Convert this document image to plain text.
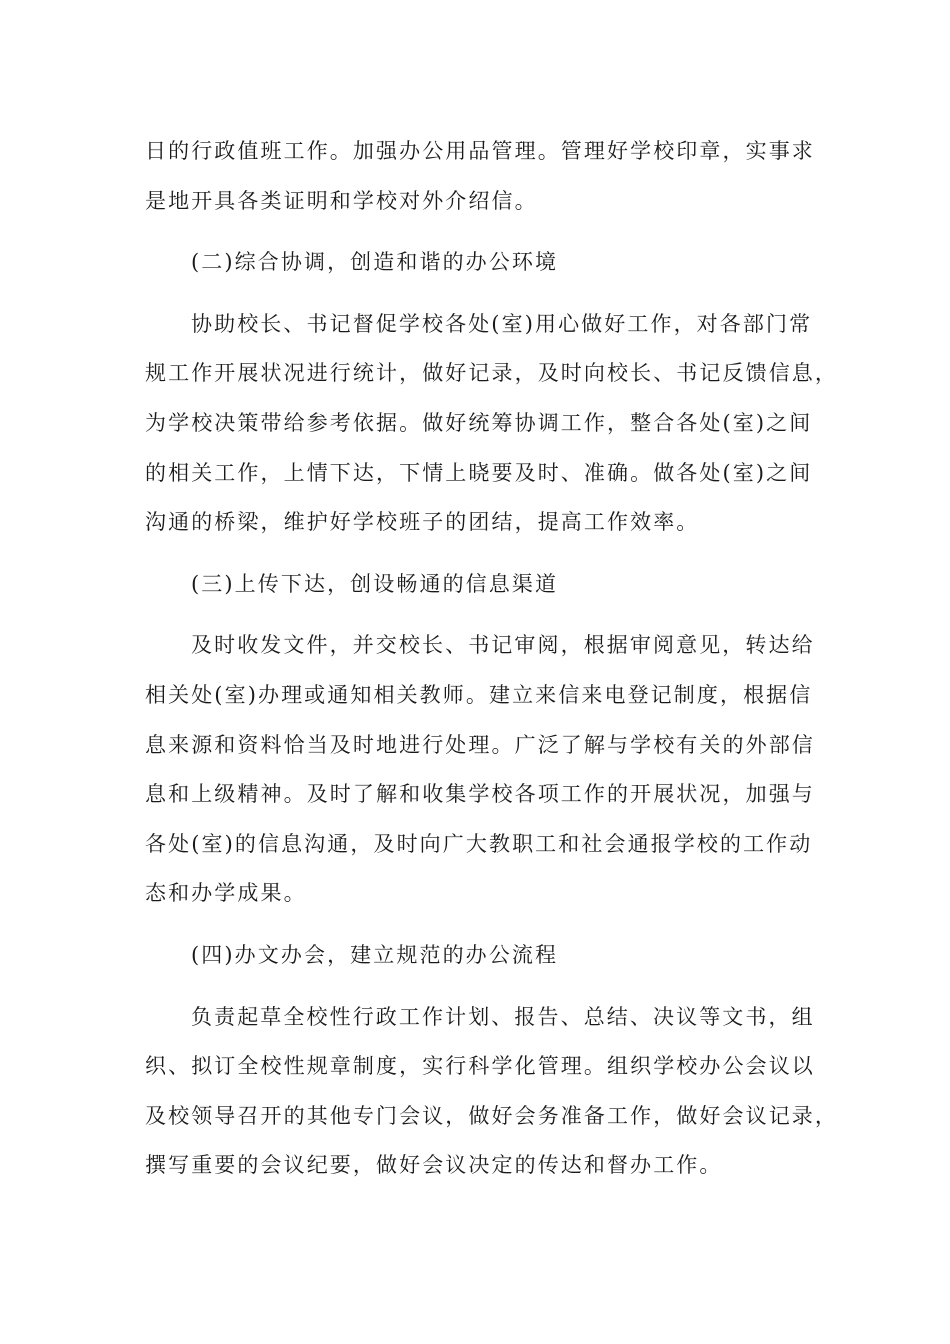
日的行政值班工作。加强办公用品管理。管理好学校印章，实事求
是地开具各类证明和学校对外介绍信。
(二)综合协调，创造和谐的办公环境
协助校长、书记督促学校各处(室)用心做好工作，对各部门常
规工作开展状况进行统计，做好记录，及时向校长、书记反馈信息，
为学校决策带给参考依据。做好统筹协调工作，整合各处(室)之间
的相关工作，上情下达，下情上晓要及时、准确。做各处(室)之间
沟通的桥梁，维护好学校班子的团结，提高工作效率。
(三)上传下达，创设畅通的信息渠道
及时收发文件，并交校长、书记审阅，根据审阅意见，转达给
相关处(室)办理或通知相关教师。建立来信来电登记制度，根据信
息来源和资料恰当及时地进行处理。广泛了解与学校有关的外部信
息和上级精神。及时了解和收集学校各项工作的开展状况，加强与
各处(室)的信息沟通，及时向广大教职工和社会通报学校的工作动
态和办学成果。
(四)办文办会，建立规范的办公流程
负责起草全校性行政工作计划、报告、总结、决议等文书，组
织、拟订全校性规章制度，实行科学化管理。组织学校办公会议以
及校领导召开的其他专门会议，做好会务准备工作，做好会议记录，
撰写重要的会议纪要，做好会议决定的传达和督办工作。
